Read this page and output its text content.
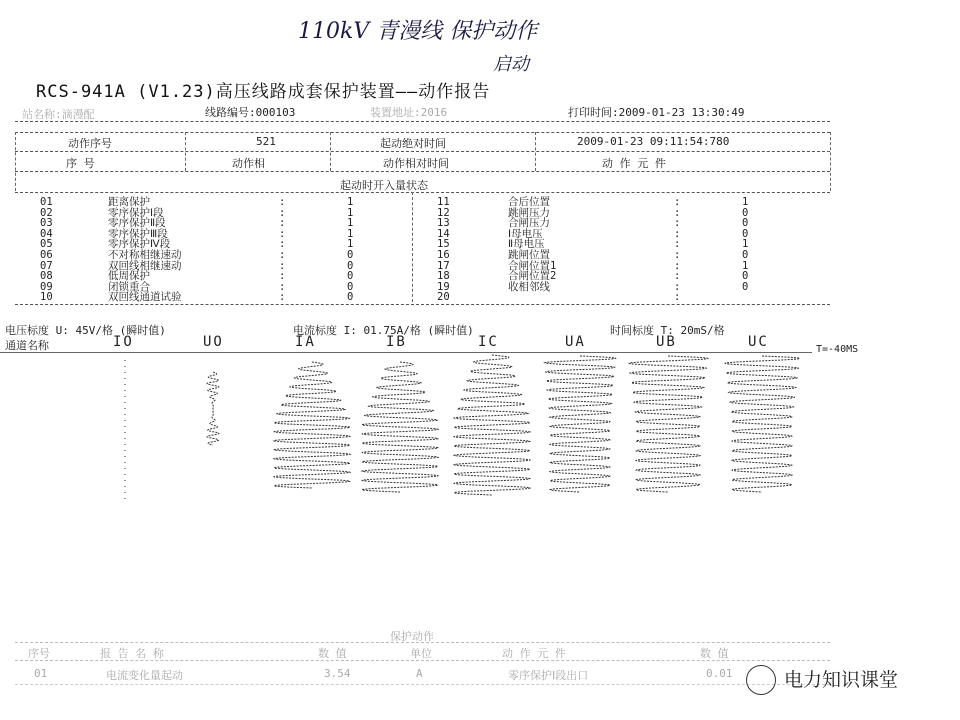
110kV 青漫线 保护动作
启动
RCS-941A (V1.23)高压线路成套保护装置——动作报告
站名称:滴漫配	线路编号:000103	装置地址:2016	打印时间:2009-01-23 13:30:49
动作序号	521	起动绝对时间	2009-01-23 09:11:54:780
序 号	动作相	动作相对时间	动 作 元 件
起动时开入量状态
01	距离保护	:	1
02	零序保护Ⅰ段	:	1
03	零序保护Ⅱ段	:	1
04	零序保护Ⅲ段	:	1
05	零序保护Ⅳ段	:	1
06	不对称相继速动	:	0
07	双回线相继速动	:	0
08	低周保护	:	0
09	闭锁重合	:	0
10	双回线通道试验	:	0
11	合后位置	:	1
12	跳闸压力	:	0
13	合闸压力	:	0
14	Ⅰ母电压	:	0
15	Ⅱ母电压	:	1
16	跳闸位置	:	0
17	合闸位置1	:	1
18	合闸位置2	:	0
19	收相邻线	:	0
20	:
电压标度 U: 45V/格 (瞬时值)	电流标度 I: 01.75A/格 (瞬时值)	时间标度 T: 20mS/格
通道名称	T=-40MS
IO	UO	IA	IB	IC	UA	UB	UC
保护动作
序号	报 告 名 称	数 值	单位	动 作 元 件	数 值
01	电流变化量起动	3.54	A	零序保护Ⅰ段出口	0.01	电力知识课堂
